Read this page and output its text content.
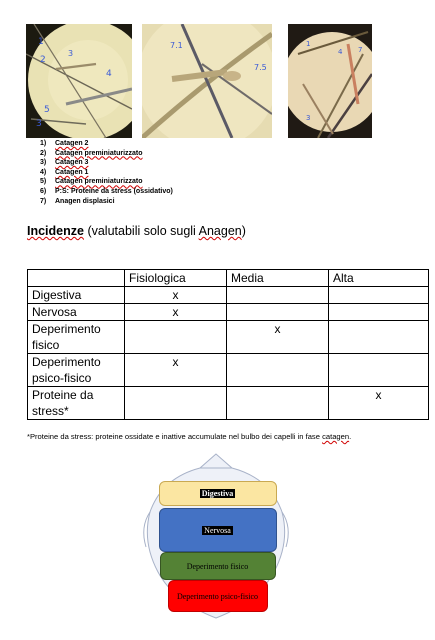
1
2
3
4
5
3
7.1
7.5
1
7
4
3
1)	Catagen 2
2)	Catagen preminiaturizzato
3)	Catagen 3
4)	Catagen 1
5)	Catagen preminiaturizzato
6)	P:S: Proteine da stress (ossidativo)
7)	Anagen displasici
Incidenze (valutabili solo sugli Anagen)
	Fisiologica	Media	Alta
Digestiva	x		
Nervosa	x		
Deperimento fisico		x	
Deperimento psico-fisico	x		
Proteine da stress*			x
*Proteine da stress: proteine ossidate e inattive accumulate nel bulbo dei capelli in fase catagen.
Digestiva
Nervosa
Deperimento fisico
Deperimento psico-fisico
